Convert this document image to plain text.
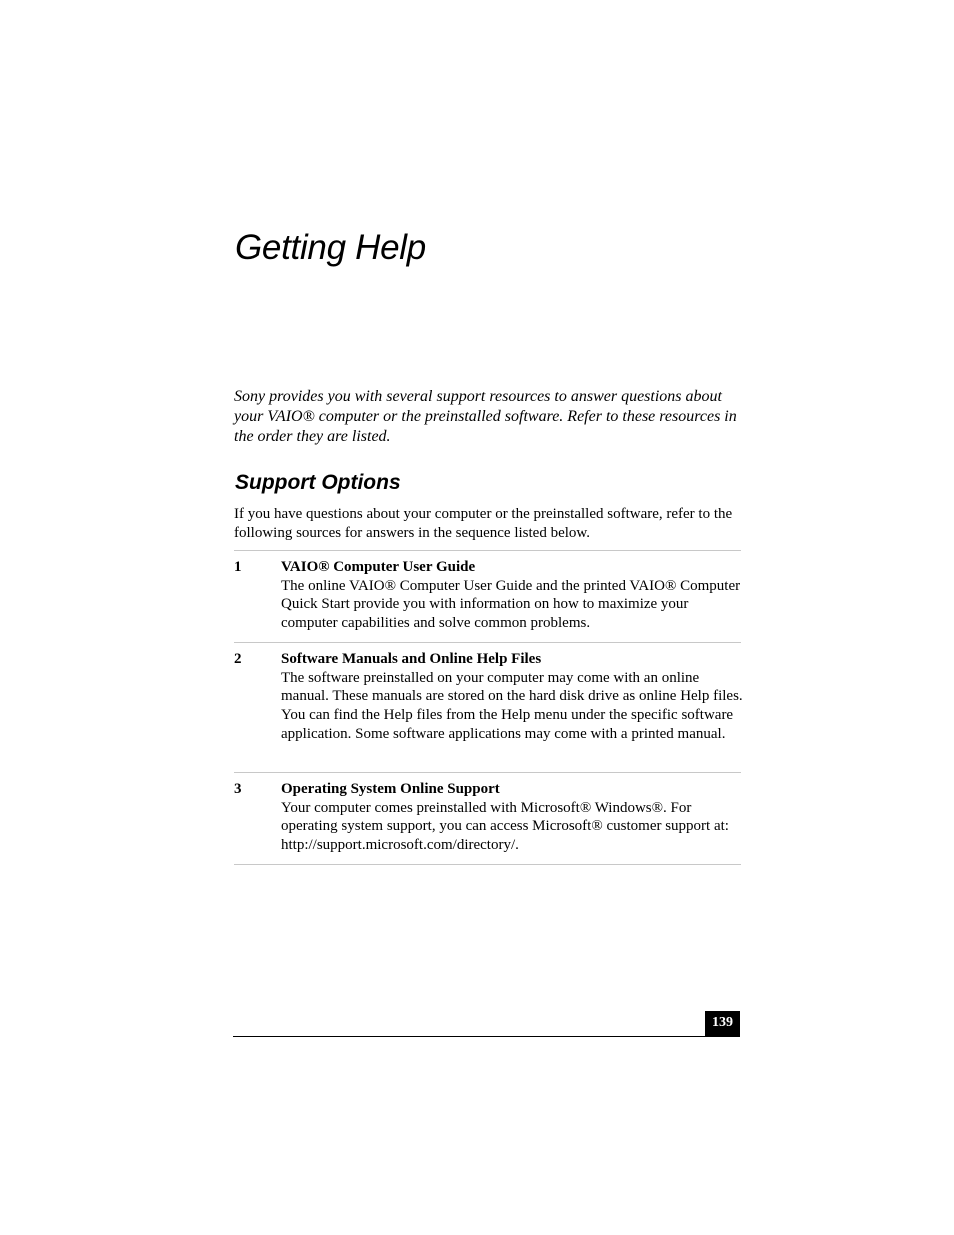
Getting Help

Sony provides you with several support resources to answer questions about your VAIO® computer or the preinstalled software. Refer to these resources in the order they are listed.

Support Options

If you have questions about your computer or the preinstalled software, refer to the following sources for answers in the sequence listed below.

1	VAIO® Computer User Guide
The online VAIO® Computer User Guide and the printed VAIO® Computer Quick Start provide you with information on how to maximize your computer capabilities and solve common problems.
2	Software Manuals and Online Help Files
The software preinstalled on your computer may come with an online manual. These manuals are stored on the hard disk drive as online Help files. You can find the Help files from the Help menu under the specific software application. Some software applications may come with a printed manual.
3	Operating System Online Support
Your computer comes preinstalled with Microsoft® Windows®. For operating system support, you can access Microsoft® customer support at: http://support.microsoft.com/directory/.
139
